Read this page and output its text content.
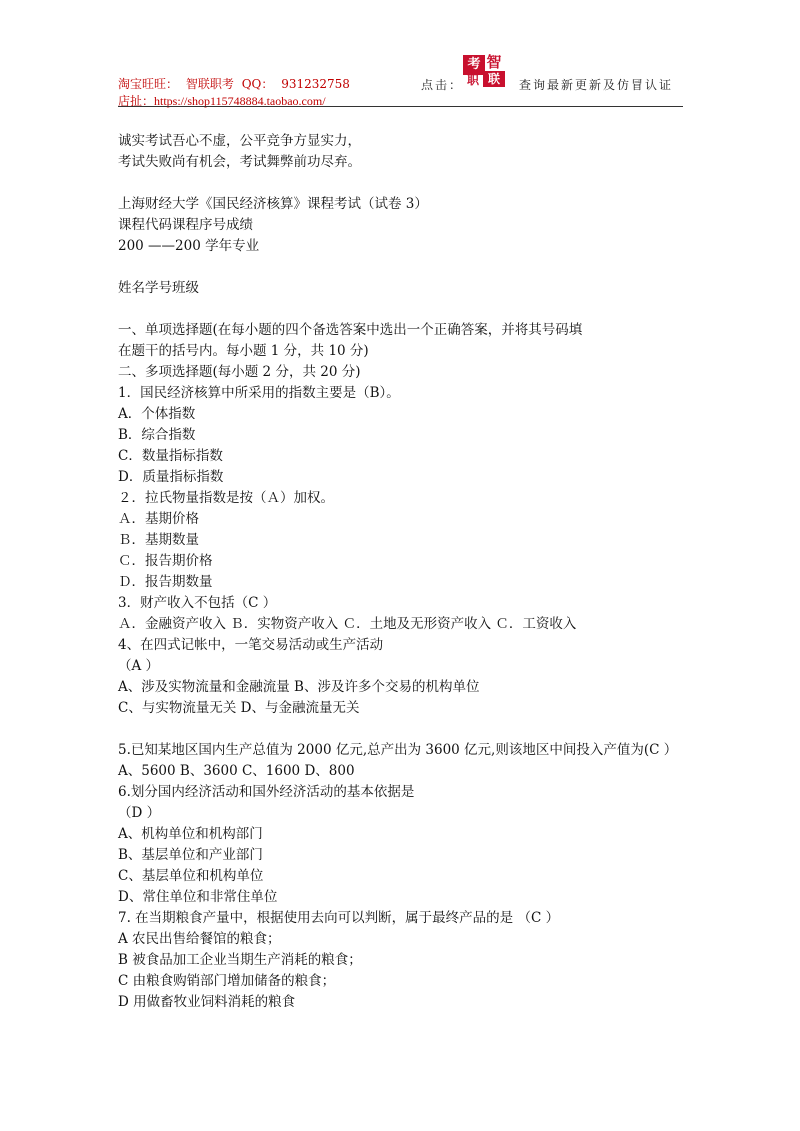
淘宝旺旺： 智联职考 QQ： 931232758
店扯：https://shop115748884.taobao.com/
点击：
考 智
职 联	查询最新更新及仿冒认证
诚实考试吾心不虚，公平竞争方显实力，
考试失败尚有机会，考试舞弊前功尽弃。
上海财经大学《国民经济核算》课程考试（试卷 3）
课程代码课程序号成绩
200 ——200 学年专业
姓名学号班级
一、单项选择题(在每小题的四个备选答案中选出一个正确答案，并将其号码填
在题干的括号内。每小题 1 分，共 10 分)
二、多项选择题(每小题 2 分，共 20 分)
1．国民经济核算中所采用的指数主要是（B）。
A．个体指数
B．综合指数
C．数量指标指数
D．质量指标指数
２．拉氏物量指数是按（Ａ）加权。
Ａ．基期价格
Ｂ．基期数量
Ｃ．报告期价格
Ｄ．报告期数量
3．财产收入不包括（C ）
Ａ．金融资产收入 Ｂ．实物资产收入 Ｃ．土地及无形资产收入 Ｃ．工资收入
4、在四式记帐中，一笔交易活动或生产活动
（A ）
A、涉及实物流量和金融流量 B、涉及许多个交易的机构单位
C、与实物流量无关 D、与金融流量无关
5.已知某地区国内生产总值为 2000 亿元,总产出为 3600 亿元,则该地区中间投入产值为(C ）
A、5600 B、3600 C、1600 D、800
6.划分国内经济活动和国外经济活动的基本依据是
（D ）
A、机构单位和机构部门
B、基层单位和产业部门
C、基层单位和机构单位
D、常住单位和非常住单位
7. 在当期粮食产量中，根据使用去向可以判断，属于最终产品的是 （C ）
A 农民出售给餐馆的粮食；
B 被食品加工企业当期生产消耗的粮食；
C 由粮食购销部门增加储备的粮食；
D 用做畜牧业饲料消耗的粮食
